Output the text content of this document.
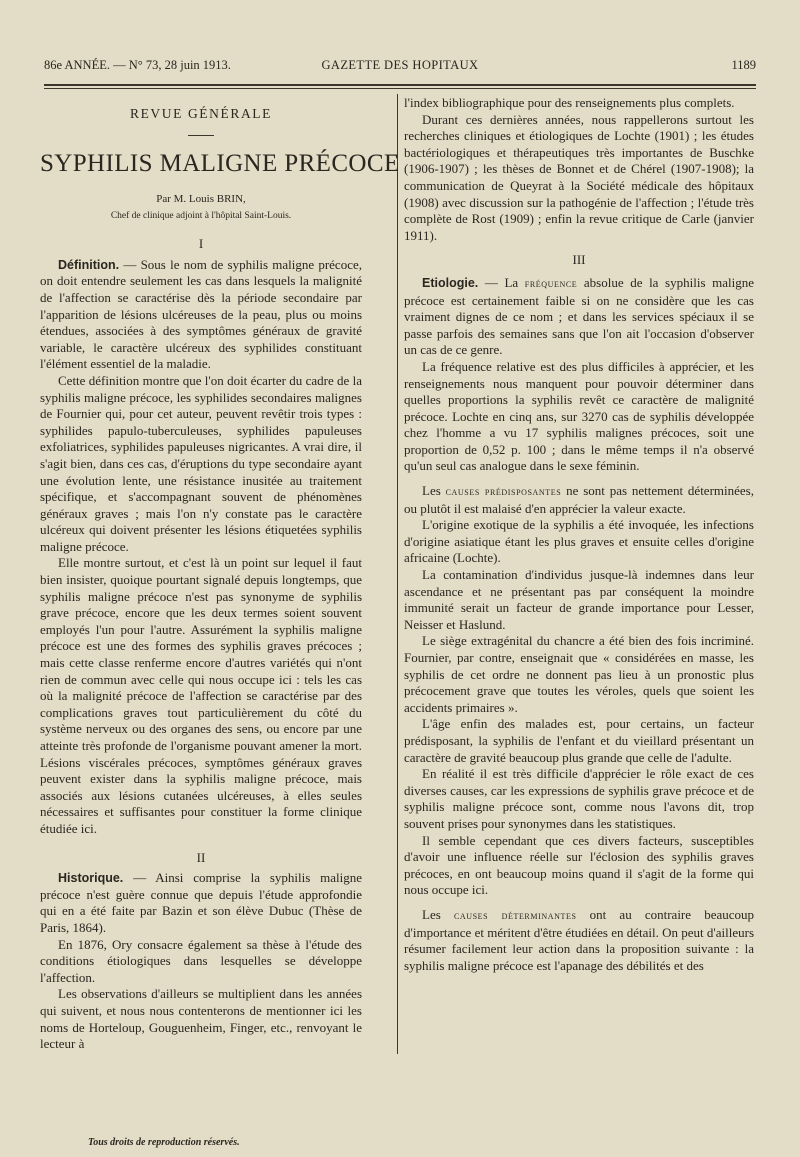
86e ANNÉE. — N° 73, 28 juin 1913.	GAZETTE DES HOPITAUX	1189
REVUE GÉNÉRALE
SYPHILIS MALIGNE PRÉCOCE
Par M. Louis BRIN,
Chef de clinique adjoint à l'hôpital Saint-Louis.
I

Définition. — Sous le nom de syphilis maligne précoce, on doit entendre seulement les cas dans lesquels la malignité de l'affection se caractérise dès la période secondaire par l'apparition de lésions ulcéreuses de la peau, plus ou moins étendues, associées à des symptômes généraux de gravité variable, le caractère ulcéreux des syphilides constituant l'élément essentiel de la maladie.

Cette définition montre que l'on doit écarter du cadre de la syphilis maligne précoce, les syphilides secondaires malignes de Fournier qui, pour cet auteur, peuvent revêtir trois types : syphilides papulo-tuberculeuses, syphilides papuleuses exfoliatrices, syphilides papuleuses nigricantes. A vrai dire, il s'agit bien, dans ces cas, d'éruptions du type secondaire ayant une évolution lente, une résistance inusitée au traitement spécifique, et s'accompagnant souvent de phénomènes généraux graves ; mais l'on n'y constate pas le caractère ulcéreux qui doivent présenter les lésions étiquetées syphilis maligne précoce.

Elle montre surtout, et c'est là un point sur lequel il faut bien insister, quoique pourtant signalé depuis longtemps, que syphilis maligne précoce n'est pas synonyme de syphilis grave précoce, encore que les deux termes soient souvent employés l'un pour l'autre. Assurément la syphilis maligne précoce est une des formes des syphilis graves précoces ; mais cette classe renferme encore d'autres variétés qui n'ont rien de commun avec celle qui nous occupe ici : tels les cas où la malignité précoce de l'affection se caractérise par des complications graves tout particulièrement du côté du système nerveux ou des organes des sens, ou encore par une atteinte très profonde de l'organisme pouvant amener la mort. Lésions viscérales précoces, symptômes généraux graves peuvent exister dans la syphilis maligne précoce, mais associés aux lésions cutanées ulcéreuses, à elles seules nécessaires et suffisantes pour constituer la forme clinique étudiée ici.

II

Historique. — Ainsi comprise la syphilis maligne précoce n'est guère connue que depuis l'étude approfondie qui en a été faite par Bazin et son élève Dubuc (Thèse de Paris, 1864).

En 1876, Ory consacre également sa thèse à l'étude des conditions étiologiques dans lesquelles se développe l'affection.

Les observations d'ailleurs se multiplient dans les années qui suivent, et nous nous contenterons de mentionner ici les noms de Horteloup, Gouguenheim, Finger, etc., renvoyant le lecteur à

l'index bibliographique pour des renseignements plus complets.

Durant ces dernières années, nous rappellerons surtout les recherches cliniques et étiologiques de Lochte (1901) ; les études bactériologiques et thérapeutiques très importantes de Buschke (1906-1907) ; les thèses de Bonnet et de Chérel (1907-1908); la communication de Queyrat à la Société médicale des hôpitaux (1908) avec discussion sur la pathogénie de l'affection ; l'étude très complète de Rost (1909) ; enfin la revue critique de Carle (janvier 1911).

III

Etiologie. — La fréquence absolue de la syphilis maligne précoce est certainement faible si on ne considère que les cas vraiment dignes de ce nom ; et dans les services spéciaux il se passe parfois des semaines sans que l'on ait l'occasion d'observer un cas de ce genre.

La fréquence relative est des plus difficiles à apprécier, et les renseignements nous manquent pour pouvoir déterminer dans quelles proportions la syphilis revêt ce caractère de malignité précoce. Lochte en cinq ans, sur 3270 cas de syphilis développée chez l'homme a vu 17 syphilis malignes précoces, soit une proportion de 0,52 p. 100 ; dans le même temps il n'a observé qu'un seul cas analogue dans le sexe féminin.

Les causes prédisposantes ne sont pas nettement déterminées, ou plutôt il est malaisé d'en apprécier la valeur exacte.

L'origine exotique de la syphilis a été invoquée, les infections d'origine asiatique étant les plus graves et ensuite celles d'origine africaine (Lochte).

La contamination d'individus jusque-là indemnes dans leur ascendance et ne présentant pas par conséquent la moindre immunité serait un facteur de grande importance pour Lesser, Neisser et Haslund.

Le siège extragénital du chancre a été bien des fois incriminé. Fournier, par contre, enseignait que « considérées en masse, les syphilis de cet ordre ne donnent pas lieu à un pronostic plus précocement grave que toutes les véroles, quels que soient les accidents primaires ».

L'âge enfin des malades est, pour certains, un facteur prédisposant, la syphilis de l'enfant et du vieillard présentant un caractère de gravité beaucoup plus grande que celle de l'adulte.

En réalité il est très difficile d'apprécier le rôle exact de ces diverses causes, car les expressions de syphilis grave précoce et de syphilis maligne précoce sont, comme nous l'avons dit, trop souvent prises pour synonymes dans les statistiques.

Il semble cependant que ces divers facteurs, susceptibles d'avoir une influence réelle sur l'éclosion des syphilis graves précoces, en ont beaucoup moins quand il s'agit de la forme qui nous occupe ici.

Les causes déterminantes ont au contraire beaucoup d'importance et méritent d'être étudiées en détail. On peut d'ailleurs résumer facilement leur action dans la proposition suivante : la syphilis maligne précoce est l'apanage des débilités et des

Tous droits de reproduction réservés.
